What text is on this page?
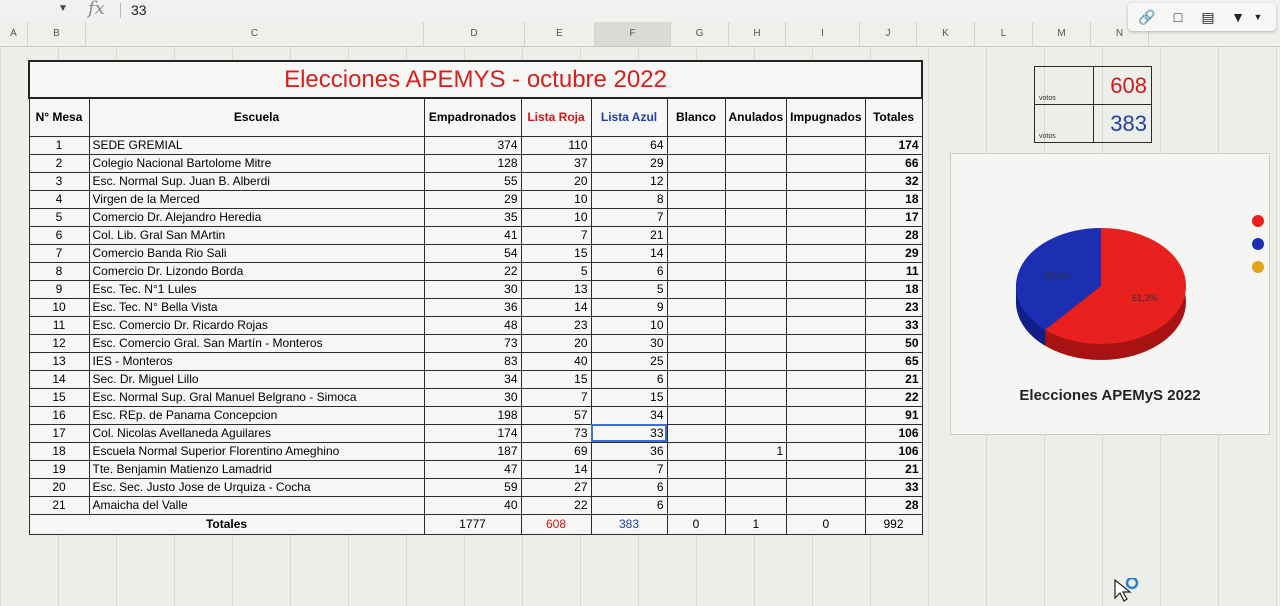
▼ fx 33
A	B	C	D	E	F	G	H	I	J	K	L	M	N
Elecciones APEMYS - octubre 2022								
N° Mesa	Escuela	Empadronados	Lista Roja	Lista Azul	Blanco	Anulados	Impugnados	Totales
1	SEDE GREMIAL	374	110	64				174
2	Colegio Nacional Bartolome Mitre	128	37	29				66
3	Esc. Normal Sup. Juan B. Alberdi	55	20	12				32
4	Virgen de la Merced	29	10	8				18
5	Comercio Dr. Alejandro Heredia	35	10	7				17
6	Col. Lib. Gral San MArtin	41	7	21				28
7	Comercio Banda Rio Sali	54	15	14				29
8	Comercio Dr. Lizondo Borda	22	5	6				11
9	Esc. Tec. N°1 Lules	30	13	5				18
10	Esc. Tec. N° Bella Vista	36	14	9				23
11	Esc. Comercio Dr. Ricardo Rojas	48	23	10				33
12	Esc. Comercio Gral. San Martín - Monteros	73	20	30				50
13	IES - Monteros	83	40	25				65
14	Sec. Dr. Miguel Lillo	34	15	6				21
15	Esc. Normal Sup. Gral Manuel Belgrano - Simoca	30	7	15				22
16	Esc. REp. de Panama Concepcion	198	57	34				91
17	Col. Nicolas Avellaneda Aguilares	174	73	33				106
18	Escuela Normal Superior Florentino Ameghino	187	69	36		1		106
19	Tte. Benjamin Matienzo Lamadrid	47	14	7				21
20	Esc. Sec. Justo Jose de Urquiza - Cocha	59	27	6				33
21	Amaicha del Valle	40	22	6				28
Totales		1777	608	383	0	1	0	992
votos	608
votos	383
38,6%
61,3%
Elecciones APEMyS 2022
🔗	□	▤ ▼ ▼
